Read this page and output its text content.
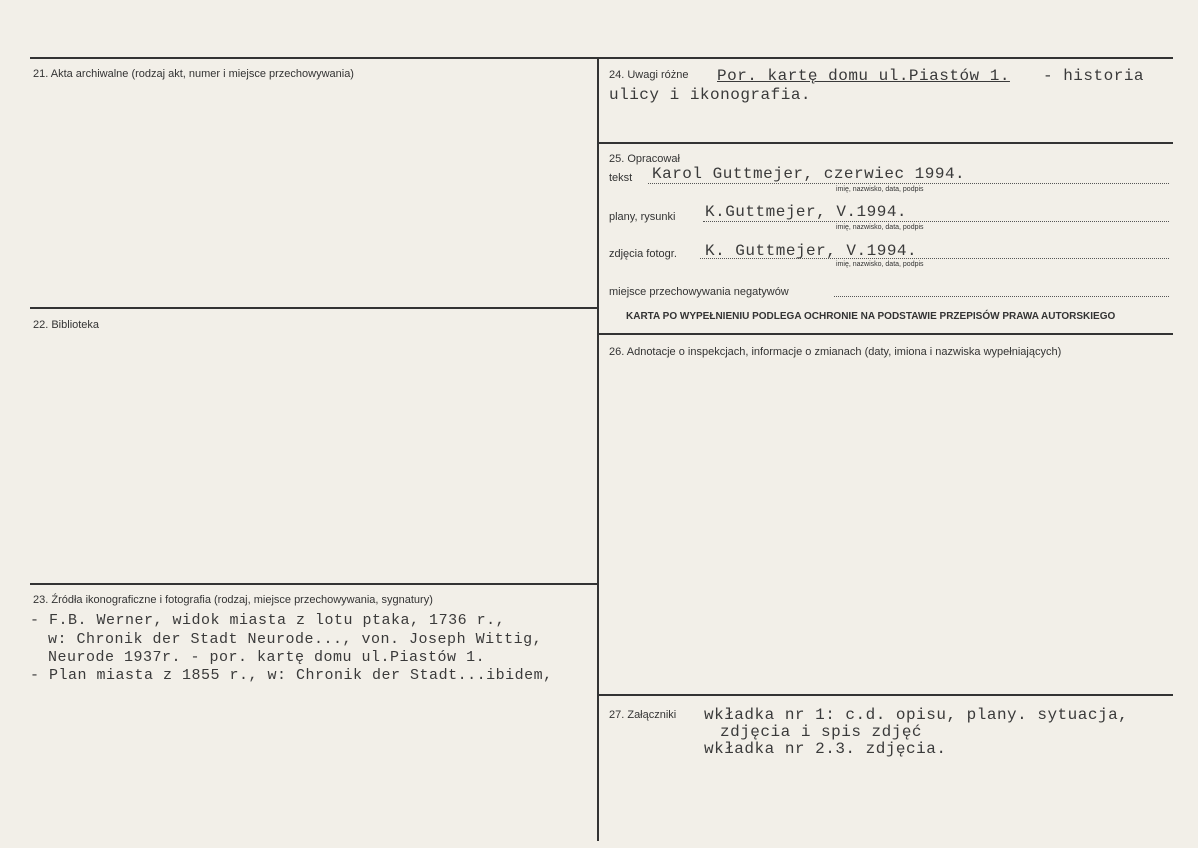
21. Akta archiwalne (rodzaj akt, numer i miejsce przechowywania)
22. Biblioteka
23. Źródła ikonograficzne i fotografia (rodzaj, miejsce przechowywania, sygnatury)
- F.B. Werner, widok miasta z lotu ptaka, 1736 r.,
w: Chronik der Stadt Neurode..., von. Joseph Wittig,
Neurode 1937r. - por. kartę domu ul.Piastów 1.
- Plan miasta z 1855 r., w: Chronik der Stadt...ibidem,
24. Uwagi różne Por. kartę domu ul.Piastów 1. - historia
ulicy i ikonografia.
25. Opracował
tekst Karol Guttmejer, czerwiec 1994.
imię, nazwisko, data, podpis
plany, rysunki K.Guttmejer, V.1994.
imię, nazwisko, data, podpis
zdjęcia fotogr. K. Guttmejer, V.1994.
imię, nazwisko, data, podpis
miejsce przechowywania negatywów
KARTA PO WYPEŁNIENIU PODLEGA OCHRONIE NA PODSTAWIE PRZEPISÓW PRAWA AUTORSKIEGO
26. Adnotacje o inspekcjach, informacje o zmianach (daty, imiona i nazwiska wypełniających)
27. Załączniki wkładka nr 1: c.d. opisu, plany. sytuacja,
zdjęcia i spis zdjęć
wkładka nr 2.3. zdjęcia.
